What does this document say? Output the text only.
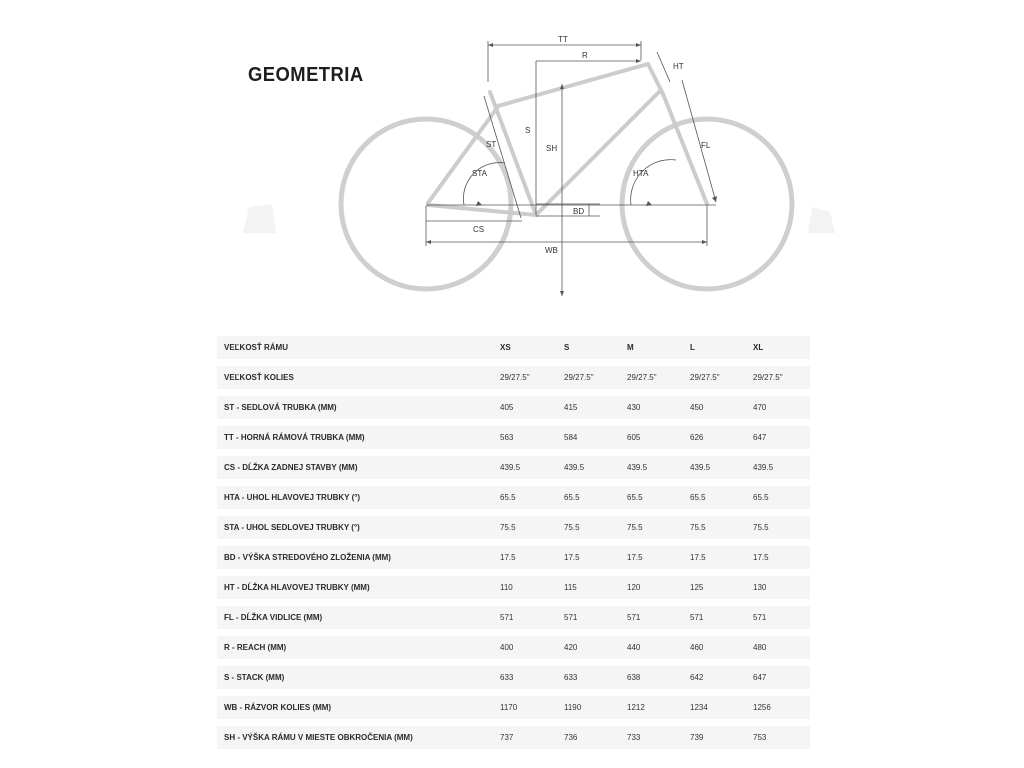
GEOMETRIA
TT
R
HT
S
SH
ST
STA	HTA
FL
BD
CS
WB
VEĽKOSŤ RÁMU	XS	S	M	L	XL
VEĽKOSŤ KOLIES	29/27.5"	29/27.5"	29/27.5"	29/27.5"	29/27.5"
ST - SEDLOVÁ TRUBKA (MM)	405	415	430	450	470
TT - HORNÁ RÁMOVÁ TRUBKA (MM)	563	584	605	626	647
CS - DĹŽKA ZADNEJ STAVBY (MM)	439.5	439.5	439.5	439.5	439.5
HTA - UHOL HLAVOVEJ TRUBKY (°)	65.5	65.5	65.5	65.5	65.5
STA - UHOL SEDLOVEJ TRUBKY (°)	75.5	75.5	75.5	75.5	75.5
BD - VÝŠKA STREDOVÉHO ZLOŽENIA (MM)	17.5	17.5	17.5	17.5	17.5
HT - DĹŽKA HLAVOVEJ TRUBKY (MM)	110	115	120	125	130
FL - DĹŽKA VIDLICE (MM)	571	571	571	571	571
R - REACH (MM)	400	420	440	460	480
S - STACK (MM)	633	633	638	642	647
WB - RÁZVOR KOLIES (MM)	1170	1190	1212	1234	1256
SH - VÝŠKA RÁMU V MIESTE OBKROČENIA (MM)	737	736	733	739	753
